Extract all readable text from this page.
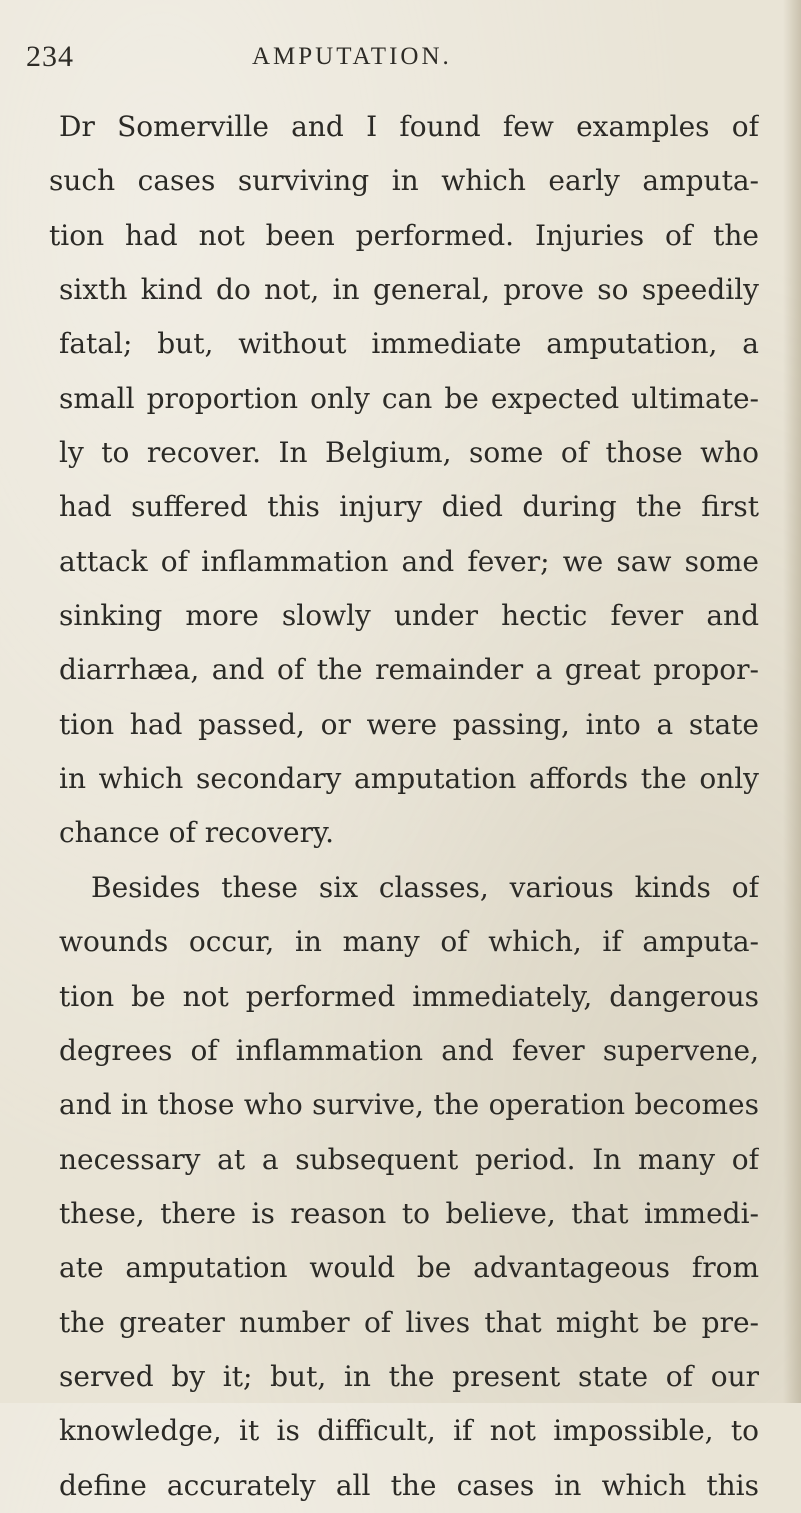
234	AMPUTATION.
Dr Somerville and I found few examples of
such cases surviving in which early amputa-
tion had not been performed. Injuries of the
sixth kind do not, in general, prove so speedily
fatal; but, without immediate amputation, a
small proportion only can be expected ultimate-
ly to recover. In Belgium, some of those who
had suffered this injury died during the first
attack of inflammation and fever; we saw some
sinking more slowly under hectic fever and
diarrhæa, and of the remainder a great propor-
tion had passed, or were passing, into a state
in which secondary amputation affords the only
chance of recovery.
Besides these six classes, various kinds of
wounds occur, in many of which, if amputa-
tion be not performed immediately, dangerous
degrees of inflammation and fever supervene,
and in those who survive, the operation becomes
necessary at a subsequent period. In many of
these, there is reason to believe, that immedi-
ate amputation would be advantageous from
the greater number of lives that might be pre-
served by it; but, in the present state of our
knowledge, it is difficult, if not impossible, to
define accurately all the cases in which this
